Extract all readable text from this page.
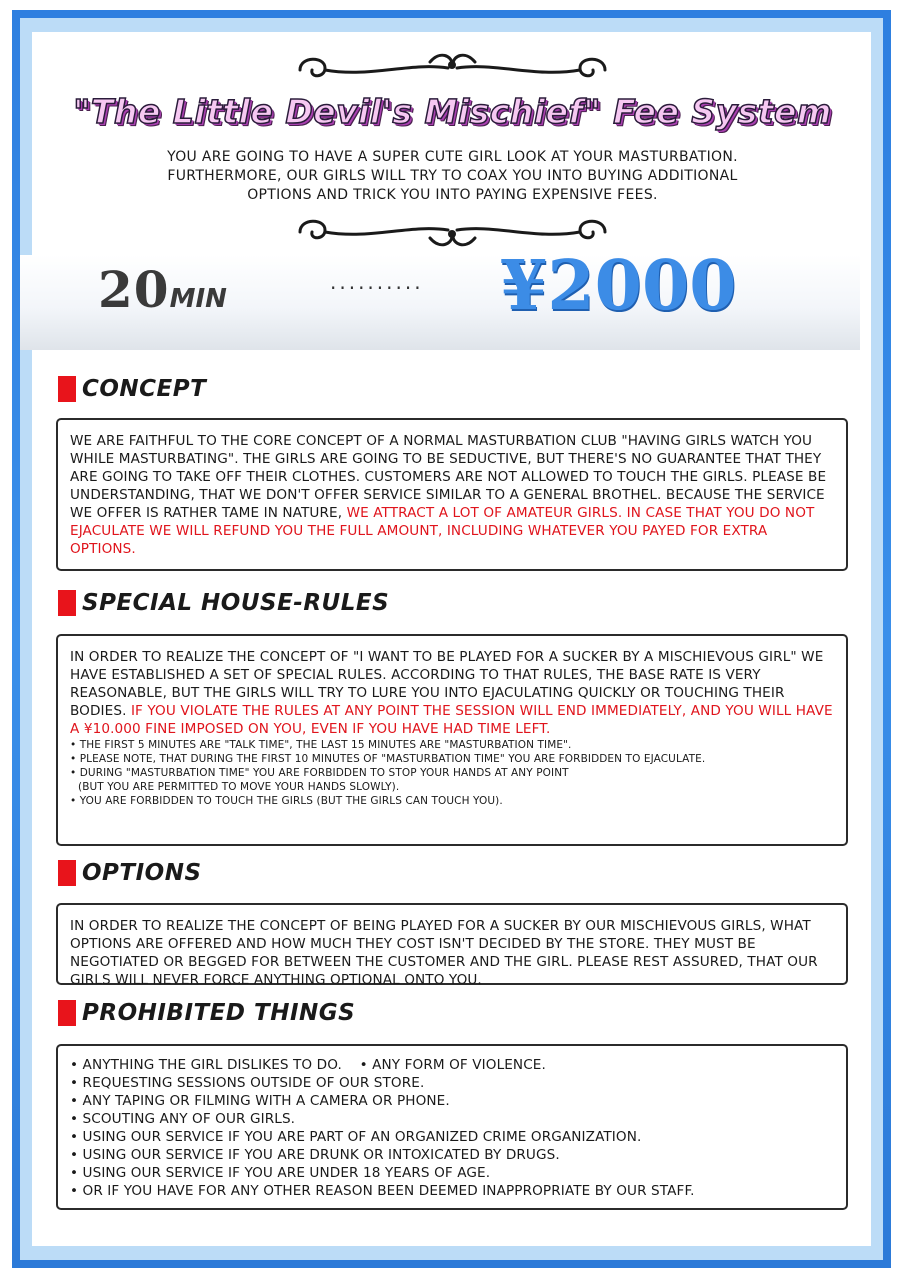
"The Little Devil's Mischief" Fee System
YOU ARE GOING TO HAVE A SUPER CUTE GIRL LOOK AT YOUR MASTURBATION.
FURTHERMORE, OUR GIRLS WILL TRY TO COAX YOU INTO BUYING ADDITIONAL
OPTIONS AND TRICK YOU INTO PAYING EXPENSIVE FEES.
20MIN	·········· ¥2000
CONCEPT

WE ARE FAITHFUL TO THE CORE CONCEPT OF A NORMAL MASTURBATION CLUB "HAVING GIRLS WATCH YOU WHILE MASTURBATING". THE GIRLS ARE GOING TO BE SEDUCTIVE, BUT THERE'S NO GUARANTEE THAT THEY ARE GOING TO TAKE OFF THEIR CLOTHES. CUSTOMERS ARE NOT ALLOWED TO TOUCH THE GIRLS. PLEASE BE UNDERSTANDING, THAT WE DON'T OFFER SERVICE SIMILAR TO A GENERAL BROTHEL. BECAUSE THE SERVICE WE OFFER IS RATHER TAME IN NATURE, WE ATTRACT A LOT OF AMATEUR GIRLS. IN CASE THAT YOU DO NOT EJACULATE WE WILL REFUND YOU THE FULL AMOUNT, INCLUDING WHATEVER YOU PAYED FOR EXTRA OPTIONS.

SPECIAL HOUSE-RULES

IN ORDER TO REALIZE THE CONCEPT OF "I WANT TO BE PLAYED FOR A SUCKER BY A MISCHIEVOUS GIRL" WE HAVE ESTABLISHED A SET OF SPECIAL RULES. ACCORDING TO THAT RULES, THE BASE RATE IS VERY REASONABLE, BUT THE GIRLS WILL TRY TO LURE YOU INTO EJACULATING QUICKLY OR TOUCHING THEIR BODIES. IF YOU VIOLATE THE RULES AT ANY POINT THE SESSION WILL END IMMEDIATELY, AND YOU WILL HAVE A ¥10.000 FINE IMPOSED ON YOU, EVEN IF YOU HAVE HAD TIME LEFT.

• THE FIRST 5 MINUTES ARE "TALK TIME", THE LAST 15 MINUTES ARE "MASTURBATION TIME".
• PLEASE NOTE, THAT DURING THE FIRST 10 MINUTES OF "MASTURBATION TIME" YOU ARE FORBIDDEN TO EJACULATE.
• DURING "MASTURBATION TIME" YOU ARE FORBIDDEN TO STOP YOUR HANDS AT ANY POINT
(BUT YOU ARE PERMITTED TO MOVE YOUR HANDS SLOWLY).
• YOU ARE FORBIDDEN TO TOUCH THE GIRLS (BUT THE GIRLS CAN TOUCH YOU).
OPTIONS

IN ORDER TO REALIZE THE CONCEPT OF BEING PLAYED FOR A SUCKER BY OUR MISCHIEVOUS GIRLS, WHAT OPTIONS ARE OFFERED AND HOW MUCH THEY COST ISN'T DECIDED BY THE STORE. THEY MUST BE NEGOTIATED OR BEGGED FOR BETWEEN THE CUSTOMER AND THE GIRL. PLEASE REST ASSURED, THAT OUR GIRLS WILL NEVER FORCE ANYTHING OPTIONAL ONTO YOU.

PROHIBITED THINGS
• ANYTHING THE GIRL DISLIKES TO DO.    • ANY FORM OF VIOLENCE.
• REQUESTING SESSIONS OUTSIDE OF OUR STORE.
• ANY TAPING OR FILMING WITH A CAMERA OR PHONE.
• SCOUTING ANY OF OUR GIRLS.
• USING OUR SERVICE IF YOU ARE PART OF AN ORGANIZED CRIME ORGANIZATION.
• USING OUR SERVICE IF YOU ARE DRUNK OR INTOXICATED BY DRUGS.
• USING OUR SERVICE IF YOU ARE UNDER 18 YEARS OF AGE.
• OR IF YOU HAVE FOR ANY OTHER REASON BEEN DEEMED INAPPROPRIATE BY OUR STAFF.
